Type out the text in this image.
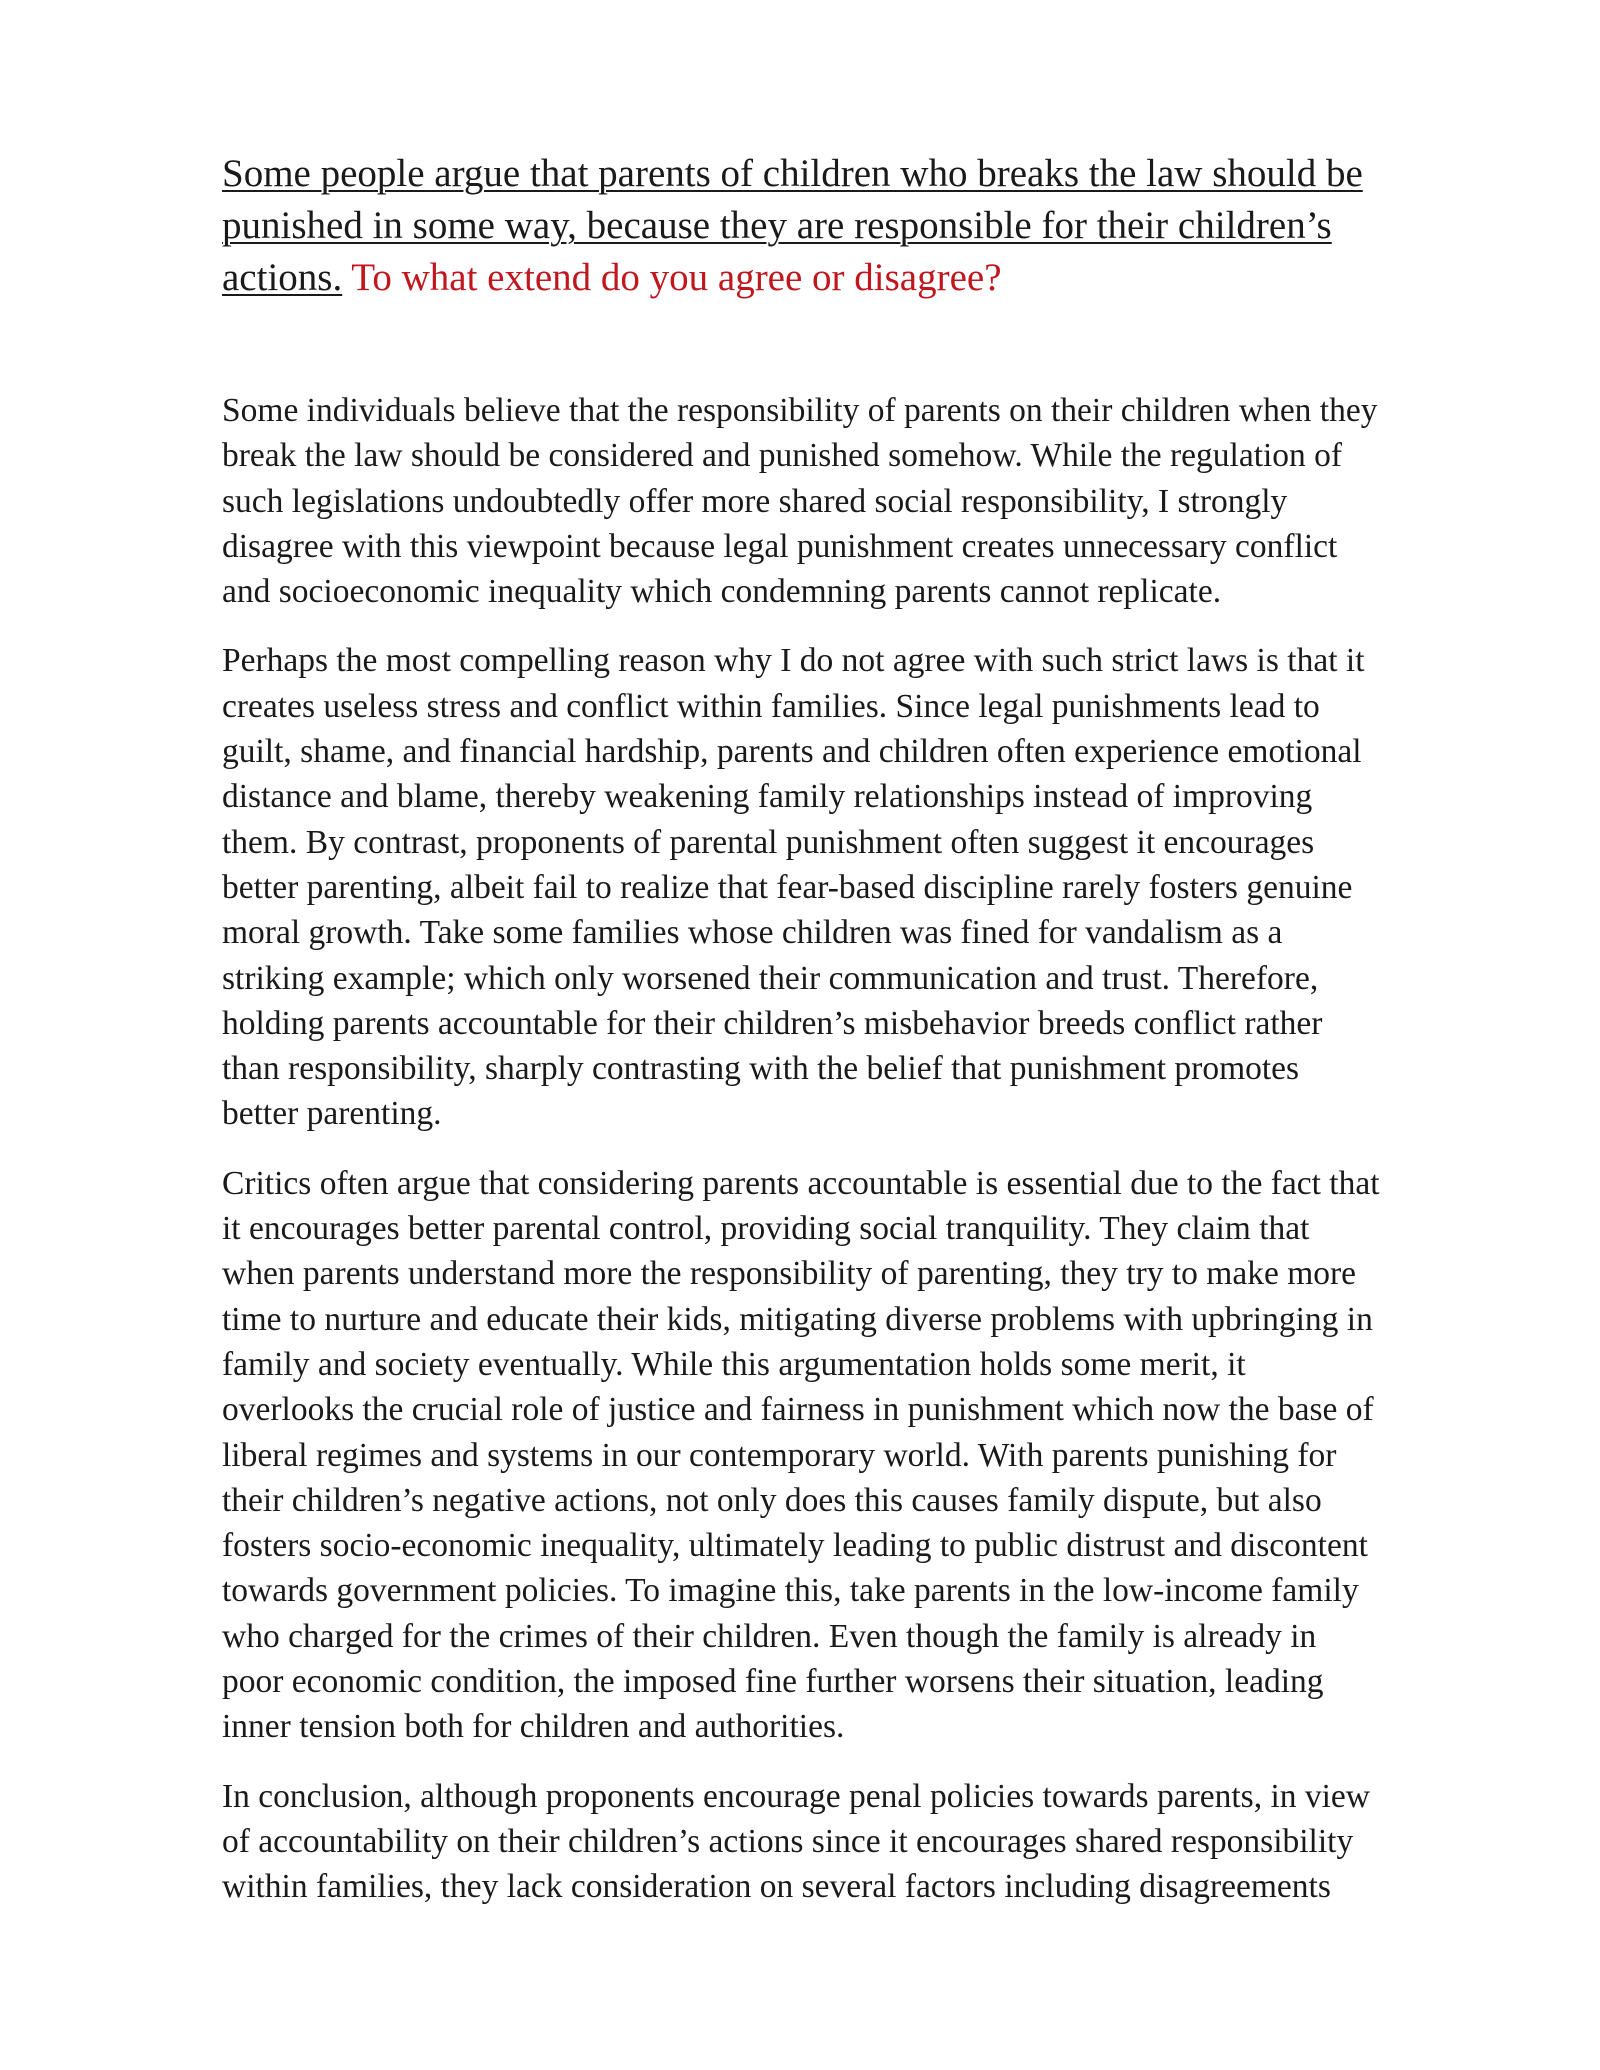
Some people argue that parents of children who breaks the law should be
punished in some way, because they are responsible for their children’s
actions. To what extend do you agree or disagree?

Some individuals believe that the responsibility of parents on their children when they
break the law should be considered and punished somehow. While the regulation of
such legislations undoubtedly offer more shared social responsibility, I strongly
disagree with this viewpoint because legal punishment creates unnecessary conflict
and socioeconomic inequality which condemning parents cannot replicate.

Perhaps the most compelling reason why I do not agree with such strict laws is that it
creates useless stress and conflict within families. Since legal punishments lead to
guilt, shame, and financial hardship, parents and children often experience emotional
distance and blame, thereby weakening family relationships instead of improving
them. By contrast, proponents of parental punishment often suggest it encourages
better parenting, albeit fail to realize that fear-based discipline rarely fosters genuine
moral growth. Take some families whose children was fined for vandalism as a
striking example; which only worsened their communication and trust. Therefore,
holding parents accountable for their children’s misbehavior breeds conflict rather
than responsibility, sharply contrasting with the belief that punishment promotes
better parenting.

Critics often argue that considering parents accountable is essential due to the fact that
it encourages better parental control, providing social tranquility. They claim that
when parents understand more the responsibility of parenting, they try to make more
time to nurture and educate their kids, mitigating diverse problems with upbringing in
family and society eventually. While this argumentation holds some merit, it
overlooks the crucial role of justice and fairness in punishment which now the base of
liberal regimes and systems in our contemporary world. With parents punishing for
their children’s negative actions, not only does this causes family dispute, but also
fosters socio-economic inequality, ultimately leading to public distrust and discontent
towards government policies. To imagine this, take parents in the low-income family
who charged for the crimes of their children. Even though the family is already in
poor economic condition, the imposed fine further worsens their situation, leading
inner tension both for children and authorities.

In conclusion, although proponents encourage penal policies towards parents, in view
of accountability on their children’s actions since it encourages shared responsibility
within families, they lack consideration on several factors including disagreements
